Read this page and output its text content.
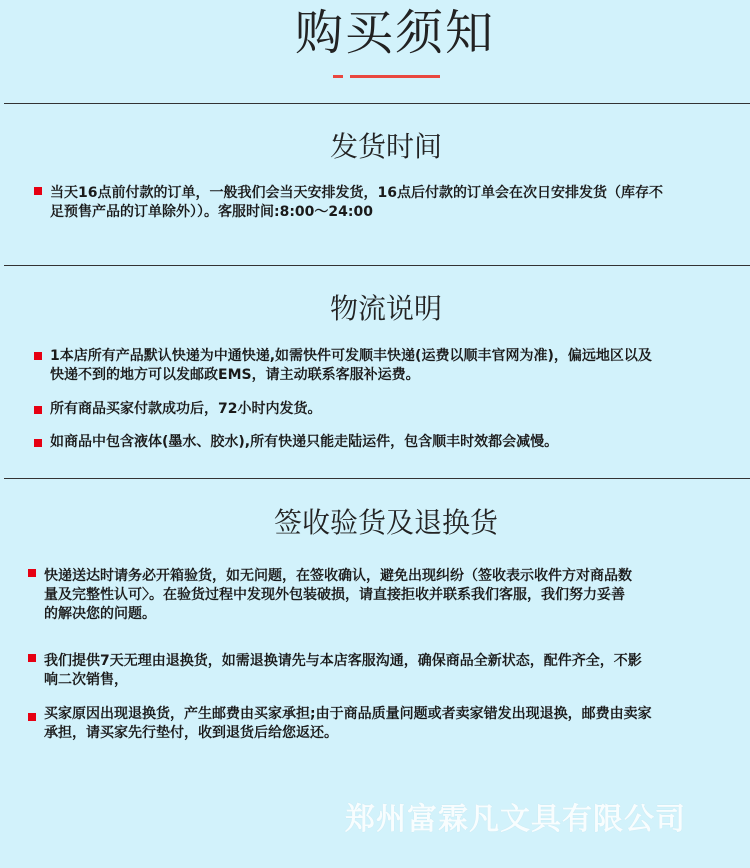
购买须知
发货时间
当天16点前付款的订单，一般我们会当天安排发货，16点后付款的订单会在次日安排发货（库存不
足预售产品的订单除外））。客服时间:8:00～24:00
物流说明
1本店所有产品默认快递为中通快递,如需快件可发顺丰快递(运费以顺丰官网为准)，偏远地区以及
快递不到的地方可以发邮政EMS，请主动联系客服补运费。
所有商品买家付款成功后，72小时内发货。
如商品中包含液体(墨水、胶水),所有快递只能走陆运件，包含顺丰时效都会减慢。
签收验货及退换货
快递送达时请务必开箱验货，如无问题，在签收确认，避免出现纠纷（签收表示收件方对商品数
量及完整性认可〉。在验货过程中发现外包装破损，请直接拒收并联系我们客服，我们努力妥善
的解决您的问题。
我们提供7天无理由退换货，如需退换请先与本店客服沟通，确保商品全新状态，配件齐全，不影
响二次销售，
买家原因出现退换货，产生邮费由买家承担;由于商品质量问题或者卖家错发出现退换，邮费由卖家
承担，请买家先行垫付，收到退货后给您返还。
郑州富霖凡文具有限公司
